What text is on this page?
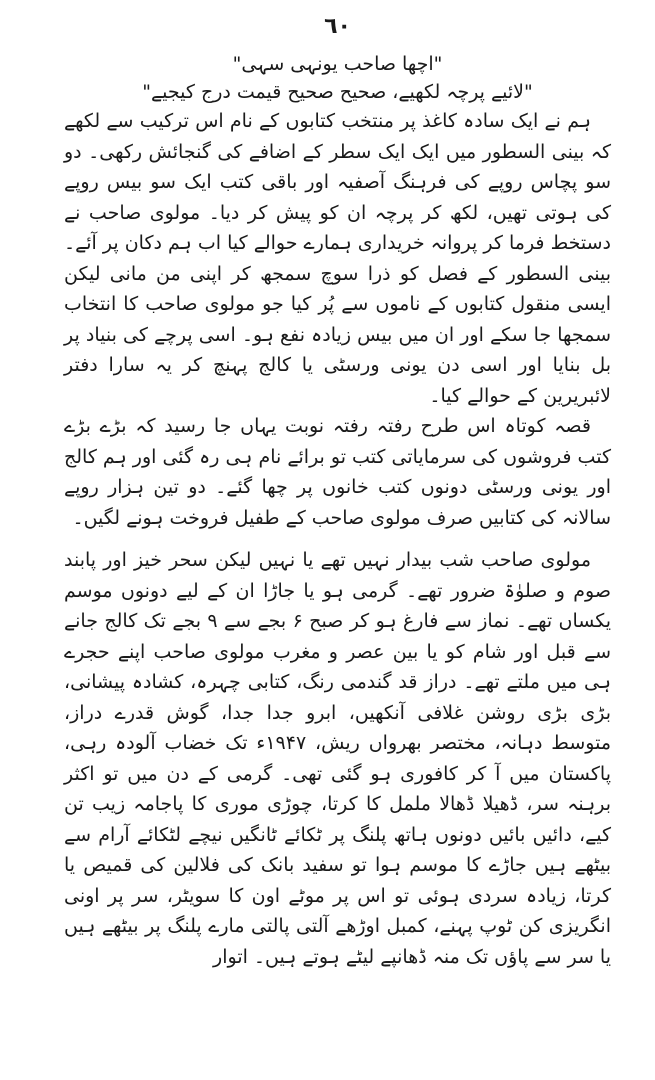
٦٠

"اچھا صاحب یونہی سہی"

"لائیے پرچہ لکھیے، صحیح صحیح قیمت درج کیجیے"

ہم نے ایک سادہ کاغذ پر منتخب کتابوں کے نام اس ترکیب سے لکھے کہ بینی السطور میں ایک ایک سطر کے اضافے کی گنجائش رکھی۔ دو سو پچاس روپے کی فرہنگ آصفیہ اور باقی کتب ایک سو بیس روپے کی ہوتی تھیں، لکھ کر پرچہ ان کو پیش کر دیا۔ مولوی صاحب نے دستخط فرما کر پروانہ خریداری ہمارے حوالے کیا اب ہم دکان پر آئے۔ بینی السطور کے فصل کو ذرا سوچ سمجھ کر اپنی من مانی لیکن ایسی منقول کتابوں کے ناموں سے پُر کیا جو مولوی صاحب کا انتخاب سمجھا جا سکے اور ان میں بیس زیادہ نفع ہو۔ اسی پرچے کی بنیاد پر بل بنایا اور اسی دن یونی ورسٹی یا کالج پہنچ کر یہ سارا دفتر لائبریرین کے حوالے کیا۔

قصہ کوتاہ اس طرح رفتہ رفتہ نوبت یہاں جا رسید کہ بڑے بڑے کتب فروشوں کی سرمایاتی کتب تو برائے نام ہی رہ گئی اور ہم کالج اور یونی ورسٹی دونوں کتب خانوں پر چھا گئے۔ دو تین ہزار روپے سالانہ کی کتابیں صرف مولوی صاحب کے طفیل فروخت ہونے لگیں۔

مولوی صاحب شب بیدار نہیں تھے یا نہیں لیکن سحر خیز اور پابند صوم و صلوٰۃ ضرور تھے۔ گرمی ہو یا جاڑا ان کے لیے دونوں موسم یکساں تھے۔ نماز سے فارغ ہو کر صبح ۶ بجے سے ۹ بجے تک کالج جانے سے قبل اور شام کو یا بین عصر و مغرب مولوی صاحب اپنے حجرے ہی میں ملتے تھے۔ دراز قد گندمی رنگ، کتابی چہرہ، کشادہ پیشانی، بڑی بڑی روشن غلافی آنکھیں، ابرو جدا جدا، گوش قدرے دراز، متوسط دہانہ، مختصر بھرواں ریش، ۱۹۴۷ء تک خضاب آلودہ رہی، پاکستان میں آ کر کافوری ہو گئی تھی۔ گرمی کے دن میں تو اکثر برہنہ سر، ڈھیلا ڈھالا ململ کا کرتا، چوڑی موری کا پاجامہ زیب تن کیے، دائیں بائیں دونوں ہاتھ پلنگ پر ٹکائے ٹانگیں نیچے لٹکائے آرام سے بیٹھے ہیں جاڑے کا موسم ہوا تو سفید بانک کی فلالین کی قمیص یا کرتا، زیادہ سردی ہوئی تو اس پر موٹے اون کا سویٹر، سر پر اونی انگریزی کن ٹوپ پہنے، کمبل اوڑھے آلتی پالتی مارے پلنگ پر بیٹھے ہیں یا سر سے پاؤں تک منہ ڈھانپے لیٹے ہوتے ہیں۔ اتوار
